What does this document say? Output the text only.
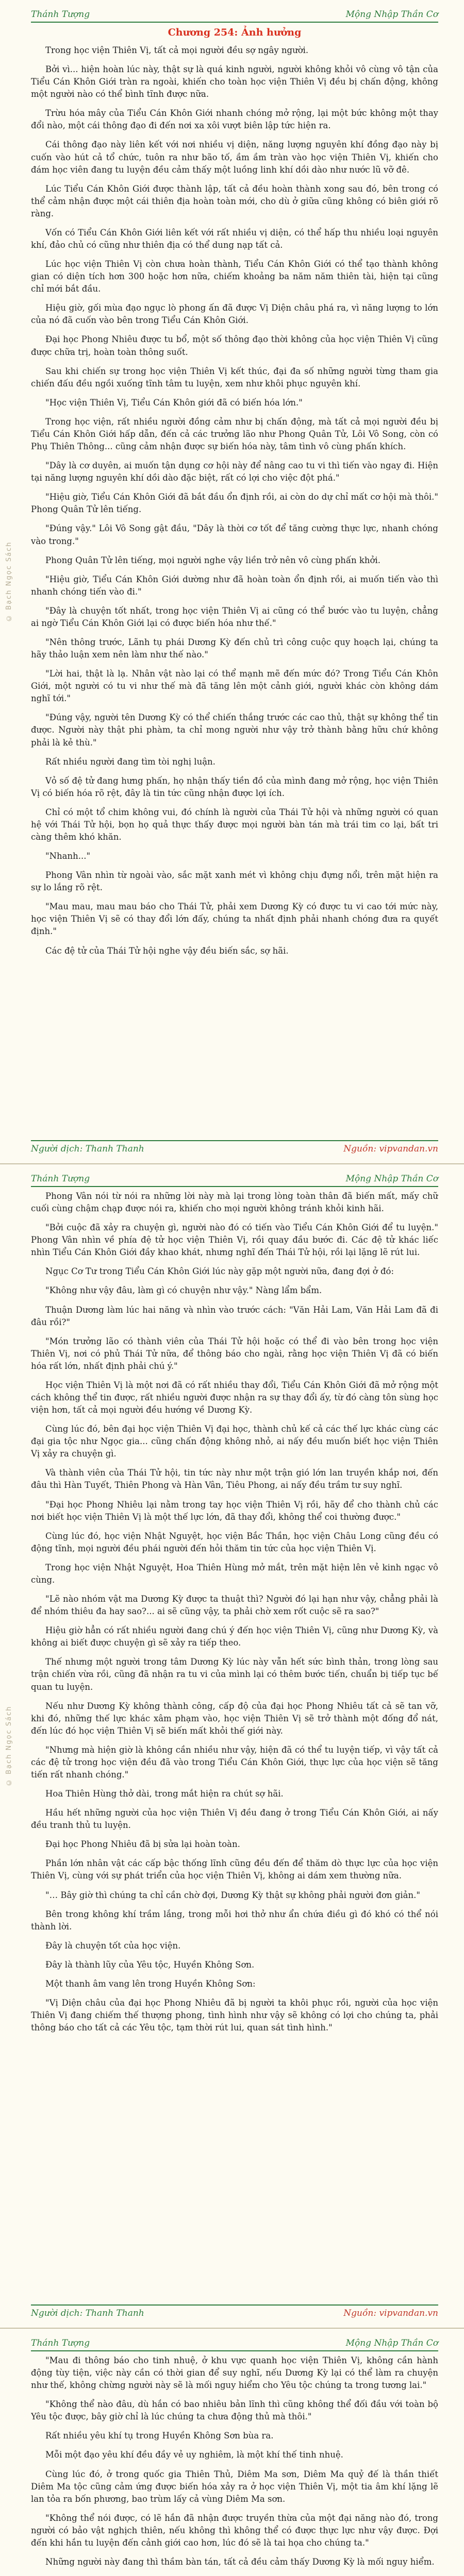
© Bạch Ngọc Sách
Thánh Tượng	Mộng Nhập Thần Cơ
Chương 254: Ảnh hưởng

Trong học viện Thiên Vị, tất cả mọi người đều sợ ngây người.

Bởi vì... hiện hoàn lúc này, thật sự là quá kinh người, người không khỏi vô cùng vô tận của Tiểu Cán Khôn Giới tràn ra ngoài, khiến cho toàn học viện Thiên Vị đều bị chấn động, không một người nào có thể bình tĩnh được nữa.

Trừu hóa mây của Tiểu Cán Khôn Giới nhanh chóng mở rộng, lại một bức không một thay đổi nào, một cái thông đạo đi đến nơi xa xôi vượt biên lập tức hiện ra.

Cái thông đạo này liên kết với nơi nhiều vị diện, năng lượng nguyên khí đồng đạo này bị cuốn vào hút cả tổ chức, tuôn ra như bão tố, ầm ầm tràn vào học viện Thiên Vị, khiến cho đám học viên đang tu luyện đều cảm thấy một luồng linh khí dồi dào như nước lũ vỡ đê.

Lúc Tiểu Cán Khôn Giới được thành lập, tất cả đều hoàn thành xong sau đó, bên trong có thể cảm nhận được một cái thiên địa hoàn toàn mới, cho dù ở giữa cũng không có biên giới rõ ràng.

Vốn có Tiểu Cán Khôn Giới liên kết với rất nhiều vị diện, có thể hấp thu nhiều loại nguyên khí, đảo chủ có cũng như thiên địa có thể dung nạp tất cả.

Lúc học viện Thiên Vị còn chưa hoàn thành, Tiểu Cán Khôn Giới có thể tạo thành không gian có diện tích hơn 300 hoặc hơn nữa, chiếm khoảng ba năm năm thiên tài, hiện tại cũng chỉ mới bắt đầu.

Hiệu giờ, gối mùa đạo ngục lò phong ấn đã được Vị Diện châu phá ra, vì năng lượng to lớn của nó đã cuốn vào bên trong Tiểu Cán Khôn Giới.

Đại học Phong Nhiêu được tu bổ, một số thông đạo thời không của học viện Thiên Vị cũng được chữa trị, hoàn toàn thông suốt.

Sau khi chiến sự trong học viện Thiên Vị kết thúc, đại đa số những người từng tham gia chiến đấu đều ngồi xuống tĩnh tâm tu luyện, xem như khôi phục nguyên khí.

"Học viện Thiên Vị, Tiểu Cán Khôn giới đã có biến hóa lớn."

Trong học viện, rất nhiều người đồng cảm như bị chấn động, mà tất cả mọi người đều bị Tiểu Cán Khôn Giới hấp dẫn, đến cả các trưởng lão như Phong Quân Tử, Lôi Vô Song, còn có Phụ Thiên Thông... cũng cảm nhận được sự biến hóa này, tâm tình vô cùng phấn khích.

"Dây là cơ duyên, ai muốn tận dụng cơ hội này để nâng cao tu vi thì tiến vào ngay đi. Hiện tại năng lượng nguyên khí dồi dào đặc biệt, rất có lợi cho việc đột phá."

"Hiệu giờ, Tiểu Cán Khôn Giới đã bắt đầu ổn định rồi, ai còn do dự chỉ mất cơ hội mà thôi." Phong Quân Tử lên tiếng.

"Đúng vậy." Lôi Vô Song gật đầu, "Dây là thời cơ tốt để tăng cường thực lực, nhanh chóng vào trong."

Phong Quân Tử lên tiếng, mọi người nghe vậy liền trở nên vô cùng phấn khởi.

"Hiệu giờ, Tiểu Cán Khôn Giới dường như đã hoàn toàn ổn định rồi, ai muốn tiến vào thì nhanh chóng tiến vào đi."

"Đây là chuyện tốt nhất, trong học viện Thiên Vị ai cũng có thể bước vào tu luyện, chẳng ai ngờ Tiểu Cán Khôn Giới lại có được biến hóa như thế."

"Nên thông trước, Lãnh tụ phái Dương Kỳ đến chủ trì công cuộc quy hoạch lại, chúng ta hãy thảo luận xem nên làm như thế nào."

"Lời hai, thật là lạ. Nhân vật nào lại có thể mạnh mẽ đến mức đó? Trong Tiểu Cán Khôn Giới, một người có tu vi như thế mà đã tăng lên một cảnh giới, người khác còn không dám nghĩ tới."

"Đúng vậy, người tên Dương Kỳ có thể chiến thắng trước các cao thủ, thật sự không thể tin được. Người này thật phi phàm, ta chỉ mong người như vậy trở thành bằng hữu chứ không phải là kẻ thù."

Rất nhiều người đang tìm tòi nghị luận.

Vỏ số đệ tử đang hưng phấn, họ nhận thấy tiền đồ của mình đang mở rộng, học viện Thiên Vị có biến hóa rõ rệt, đây là tin tức cũng nhận được lợi ích.

Chỉ có một tổ chim không vui, đó chính là người của Thái Tử hội và những người có quan hệ với Thái Tử hội, bọn họ quả thực thấy được mọi người bàn tán mà trái tim co lại, bất tri càng thêm khó khăn.

"Nhanh..."

Phong Vân nhìn từ ngoài vào, sắc mặt xanh mét vì không chịu đựng nổi, trên mặt hiện ra sự lo lắng rõ rệt.

"Mau mau, mau mau báo cho Thái Tử, phải xem Dương Kỳ có được tu vi cao tới mức này, học viện Thiên Vị sẽ có thay đổi lớn đấy, chúng ta nhất định phải nhanh chóng đưa ra quyết định."

Các đệ tử của Thái Tử hội nghe vậy đều biến sắc, sợ hãi.

Người dịch: Thanh Thanh	Nguồn: vipvandan.vn
© Bạch Ngọc Sách
Thánh Tượng	Mộng Nhập Thần Cơ

Phong Vân nói từ nói ra những lời này mà lại trong lòng toàn thân đã biến mất, mấy chữ cuối cùng chậm chạp được nói ra, khiến cho mọi người không tránh khỏi kinh hãi.

"Bởi cuộc đã xảy ra chuyện gì, người nào đó có tiến vào Tiểu Cán Khôn Giới để tu luyện." Phong Vân nhìn về phía đệ tử học viện Thiên Vị, rồi quay đầu bước đi. Các đệ tử khác liếc nhìn Tiểu Cán Khôn Giới đầy khao khát, nhưng nghĩ đến Thái Tử hội, rồi lại lặng lẽ rút lui.

Ngục Cơ Tư trong Tiểu Cán Khôn Giới lúc này gặp một người nữa, đang đợi ở đó:

"Không như vậy đâu, làm gì có chuyện như vậy." Nàng lẩm bẩm.

Thuận Dương làm lúc hai năng và nhìn vào trước cách: "Văn Hải Lam, Văn Hải Lam đã đi đâu rồi?"

"Món trưởng lão có thành viên của Thái Tử hội hoặc có thể đi vào bên trong học viện Thiên Vị, nơi có phủ Thái Tử nữa, để thông báo cho ngài, rằng học viện Thiên Vị đã có biến hóa rất lớn, nhất định phải chú ý."

Học viện Thiên Vị là một nơi đã có rất nhiều thay đổi, Tiểu Cán Khôn Giới đã mở rộng một cách không thể tin được, rất nhiều người được nhận ra sự thay đổi ấy, từ đó càng tôn sùng học viện hơn, tất cả mọi người đều hướng về Dương Kỳ.

Cùng lúc đó, bên đại học viện Thiên Vị đại học, thành chủ kế cả các thế lực khác cùng các đại gia tộc như Ngọc gia... cũng chấn động không nhỏ, ai nấy đều muốn biết học viện Thiên Vị xảy ra chuyện gì.

Và thành viên của Thái Tử hội, tin tức này như một trận gió lớn lan truyền khắp nơi, đến đâu thì Hàn Tuyết, Thiên Phong và Hàn Vân, Tiêu Phong, ai nấy đều trầm tư suy nghĩ.

"Đại học Phong Nhiêu lại nằm trong tay học viện Thiên Vị rồi, hãy để cho thành chủ các nơi biết học viện Thiên Vị là một thế lực lớn, đã thay đổi, không thể coi thường được."

Cùng lúc đó, học viện Nhật Nguyệt, học viện Bắc Thần, học viện Châu Long cũng đều có động tĩnh, mọi người đều phái người đến hỏi thăm tin tức của học viện Thiên Vị.

Trong học viện Nhật Nguyệt, Hoa Thiên Hùng mở mắt, trên mặt hiện lên vẻ kinh ngạc vô cùng.

"Lẽ nào nhóm vật ma Dương Kỳ được ta thuật thì? Người đó lại hạn như vậy, chẳng phải là để nhóm thiêu đa hay sao?... ai sẽ cũng vậy, ta phải chờ xem rốt cuộc sẽ ra sao?"

Hiệu giờ hẳn có rất nhiều người đang chú ý đến học viện Thiên Vị, cũng như Dương Kỳ, và không ai biết được chuyện gì sẽ xảy ra tiếp theo.

Thế nhưng một người trong tâm Dương Kỳ lúc này vẫn hết sức bình thản, trong lòng sau trận chiến vừa rồi, cũng đã nhận ra tu vi của mình lại có thêm bước tiến, chuẩn bị tiếp tục bế quan tu luyện.

Nếu như Dương Kỳ không thành công, cấp độ của đại học Phong Nhiêu tất cả sẽ tan vỡ, khi đó, những thế lực khác xâm phạm vào, học viện Thiên Vị sẽ trở thành một đống đổ nát, đến lúc đó học viện Thiên Vị sẽ biến mất khỏi thế giới này.

"Nhưng mà hiện giờ là không cần nhiều như vậy, hiện đã có thể tu luyện tiếp, vì vậy tất cả các đệ tử trong học viện đều đã vào trong Tiểu Cán Khôn Giới, thực lực của học viện sẽ tăng tiến rất nhanh chóng."

Hoa Thiên Hùng thở dài, trong mắt hiện ra chút sợ hãi.

Hầu hết những người của học viện Thiên Vị đều đang ở trong Tiểu Cán Khôn Giới, ai nấy đều tranh thủ tu luyện.

Đại học Phong Nhiêu đã bị sửa lại hoàn toàn.

Phần lớn nhân vật các cấp bậc thống lĩnh cũng đều đến để thăm dò thực lực của học viện Thiên Vị, cùng với sự phát triển của học viện Thiên Vị, không ai dám xem thường nữa.

"… Bây giờ thì chúng ta chỉ cần chờ đợi, Dương Kỳ thật sự không phải người đơn giản."

Bên trong không khí trầm lắng, trong mỗi hơi thở như ẩn chứa điều gì đó khó có thể nói thành lời.

Đây là chuyện tốt của học viện.

Đây là thành lũy của Yêu tộc, Huyền Không Sơn.

Một thanh âm vang lên trong Huyền Không Sơn:

"Vị Diện châu của đại học Phong Nhiêu đã bị người ta khôi phục rồi, người của học viện Thiên Vị đang chiếm thế thượng phong, tình hình như vậy sẽ không có lợi cho chúng ta, phải thông báo cho tất cả các Yêu tộc, tạm thời rút lui, quan sát tình hình."

Người dịch: Thanh Thanh	Nguồn: vipvandan.vn
Thánh Tượng	Mộng Nhập Thần Cơ

"Mau đi thông báo cho tinh nhuệ, ở khu vực quanh học viện Thiên Vị, không cần hành động tùy tiện, việc này cần có thời gian để suy nghĩ, nếu Dương Kỳ lại có thể làm ra chuyện như thế, không chừng người này sẽ là mối nguy hiểm cho Yêu tộc chúng ta trong tương lai."

"Không thể nào đâu, dù hắn có bao nhiêu bản lĩnh thì cũng không thể đối đầu với toàn bộ Yêu tộc được, bây giờ chỉ là lúc chúng ta chưa động thủ mà thôi."

Rất nhiều yêu khí tụ trong Huyền Không Sơn bùa ra.

Mỗi một đạo yêu khí đều đầy vẻ uy nghiêm, là một khí thế tinh nhuệ.

Cùng lúc đó, ở trong quốc gia Thiên Thủ, Diêm Ma sơn, Diêm Ma quỷ đế là thần thiết Diêm Ma tộc cũng cảm ứng được biến hóa xảy ra ở học viện Thiên Vị, một tia âm khí lặng lẽ lan tỏa ra bốn phương, bao trùm lấy cả vùng Diêm Ma sơn.

"Không thể nói được, có lẽ hắn đã nhận được truyền thừa của một đại năng nào đó, trong người có bảo vật nghịch thiên, nếu không thì không thể có được thực lực như vậy được. Đợi đến khi hắn tu luyện đến cảnh giới cao hơn, lúc đó sẽ là tai họa cho chúng ta."

Những người này đang thì thầm bàn tán, tất cả đều cảm thấy Dương Kỳ là mối nguy hiểm.
